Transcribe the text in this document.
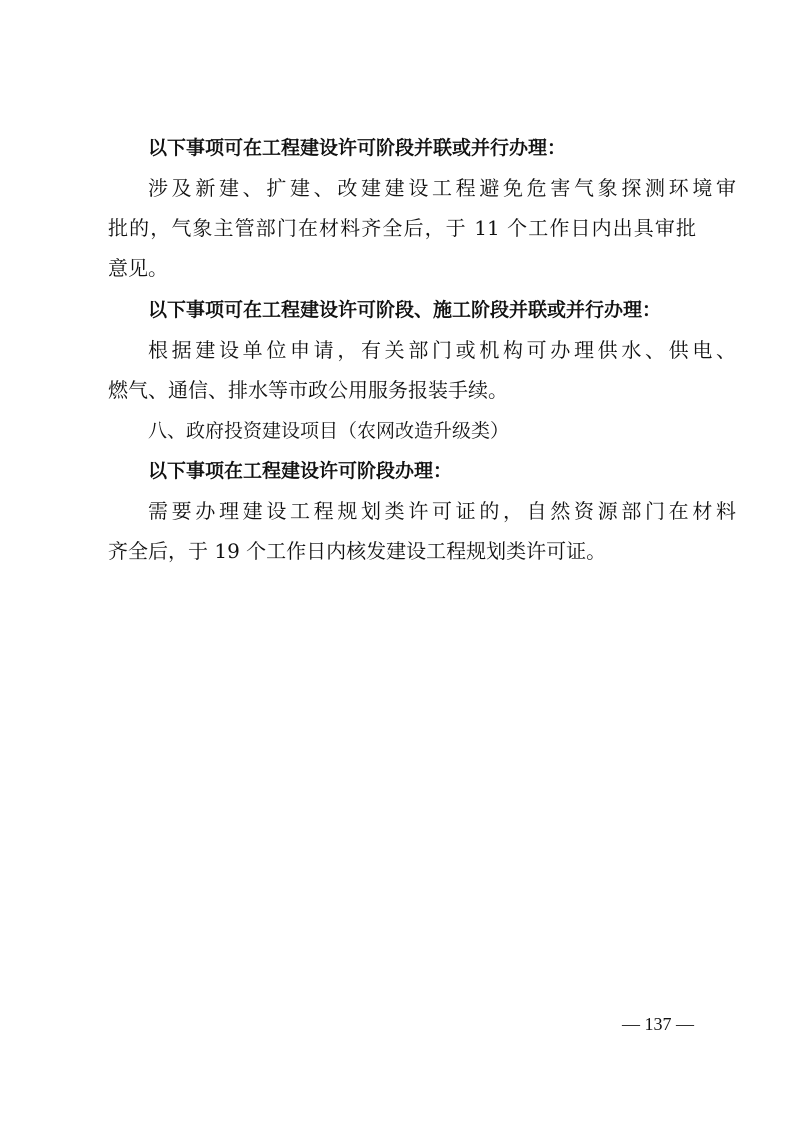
以下事项可在工程建设许可阶段并联或并行办理：
涉及新建、扩建、改建建设工程避免危害气象探测环境审
批的，气象主管部门在材料齐全后，于 11 个工作日内出具审批
意见。
以下事项可在工程建设许可阶段、施工阶段并联或并行办理：
根据建设单位申请，有关部门或机构可办理供水、供电、
燃气、通信、排水等市政公用服务报装手续。
八、政府投资建设项目（农网改造升级类）
以下事项在工程建设许可阶段办理：
需要办理建设工程规划类许可证的，自然资源部门在材料
齐全后，于 19 个工作日内核发建设工程规划类许可证。
— 137 —
